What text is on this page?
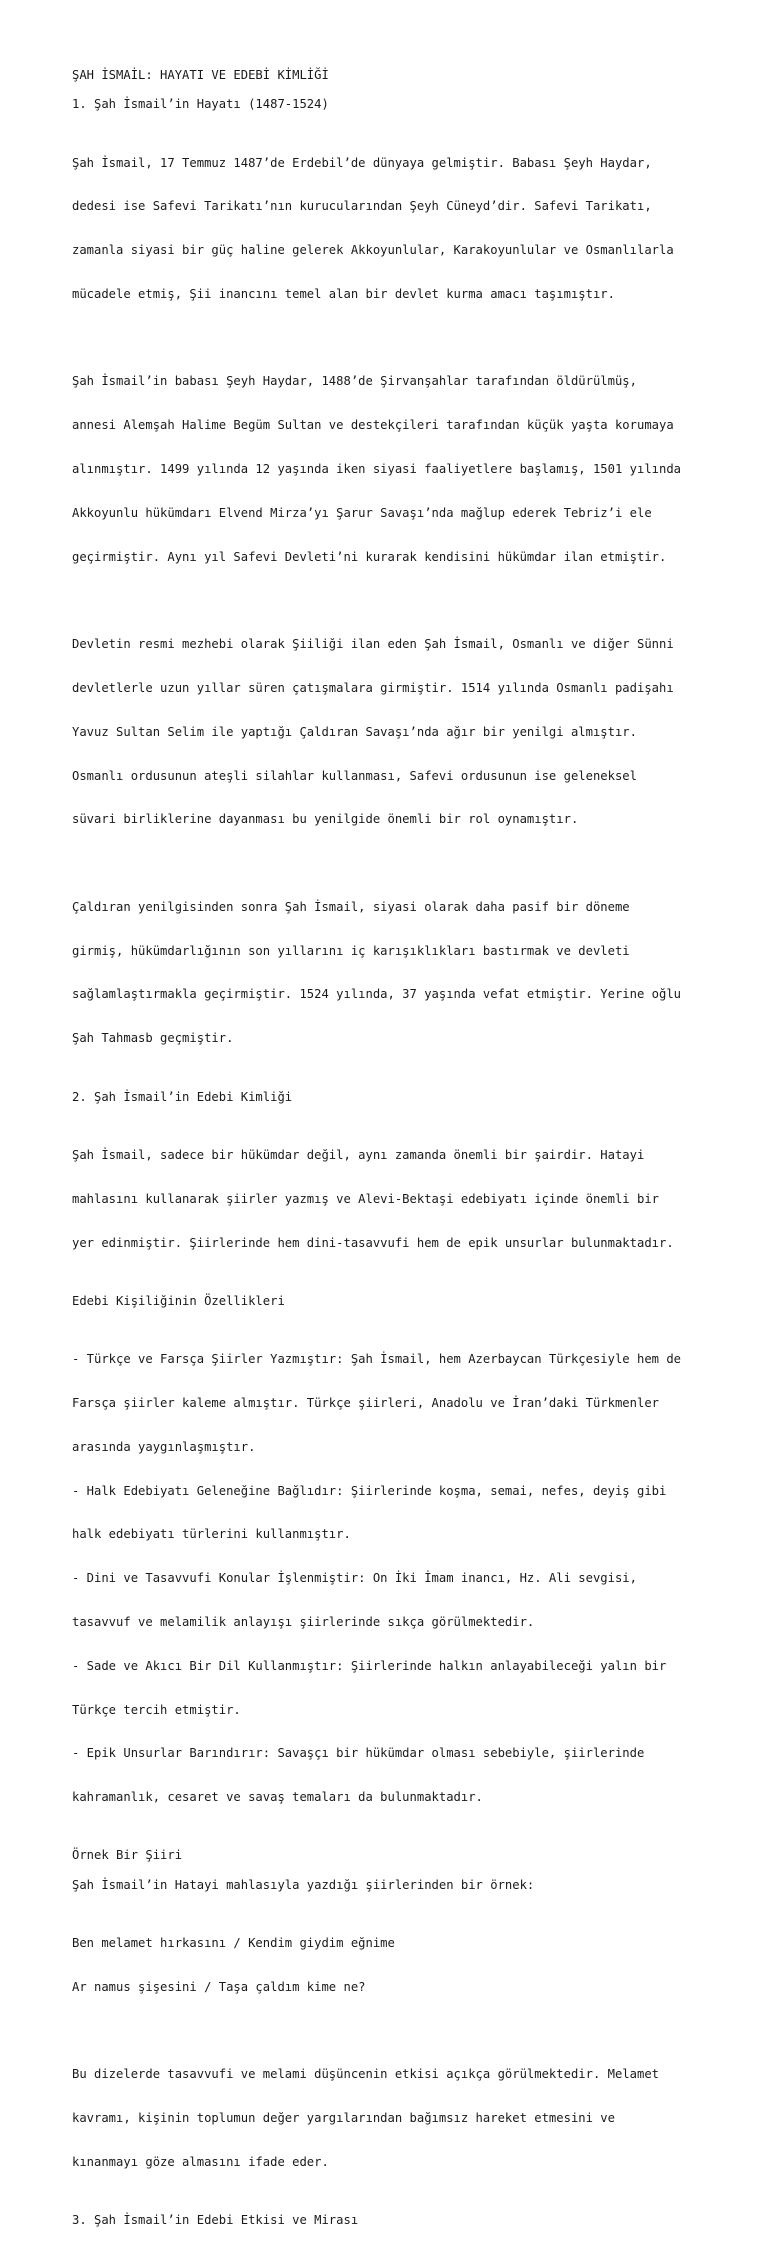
ŞAH İSMAİL: HAYATI VE EDEBİ KİMLİĞİ

1. Şah İsmail’in Hayatı (1487-1524)

Şah İsmail, 17 Temmuz 1487’de Erdebil’de dünyaya gelmiştir. Babası Şeyh Haydar,

dedesi ise Safevi Tarikatı’nın kurucularından Şeyh Cüneyd’dir. Safevi Tarikatı,

zamanla siyasi bir güç haline gelerek Akkoyunlular, Karakoyunlular ve Osmanlılarla

mücadele etmiş, Şii inancını temel alan bir devlet kurma amacı taşımıştır.

Şah İsmail’in babası Şeyh Haydar, 1488’de Şirvanşahlar tarafından öldürülmüş,

annesi Alemşah Halime Begüm Sultan ve destekçileri tarafından küçük yaşta korumaya

alınmıştır. 1499 yılında 12 yaşında iken siyasi faaliyetlere başlamış, 1501 yılında

Akkoyunlu hükümdarı Elvend Mirza’yı Şarur Savaşı’nda mağlup ederek Tebriz’i ele

geçirmiştir. Aynı yıl Safevi Devleti’ni kurarak kendisini hükümdar ilan etmiştir.

Devletin resmi mezhebi olarak Şiiliği ilan eden Şah İsmail, Osmanlı ve diğer Sünni

devletlerle uzun yıllar süren çatışmalara girmiştir. 1514 yılında Osmanlı padişahı

Yavuz Sultan Selim ile yaptığı Çaldıran Savaşı’nda ağır bir yenilgi almıştır.

Osmanlı ordusunun ateşli silahlar kullanması, Safevi ordusunun ise geleneksel

süvari birliklerine dayanması bu yenilgide önemli bir rol oynamıştır.

Çaldıran yenilgisinden sonra Şah İsmail, siyasi olarak daha pasif bir döneme

girmiş, hükümdarlığının son yıllarını iç karışıklıkları bastırmak ve devleti

sağlamlaştırmakla geçirmiştir. 1524 yılında, 37 yaşında vefat etmiştir. Yerine oğlu

Şah Tahmasb geçmiştir.

2. Şah İsmail’in Edebi Kimliği

Şah İsmail, sadece bir hükümdar değil, aynı zamanda önemli bir şairdir. Hatayi

mahlasını kullanarak şiirler yazmış ve Alevi-Bektaşi edebiyatı içinde önemli bir

yer edinmiştir. Şiirlerinde hem dini-tasavvufi hem de epik unsurlar bulunmaktadır.

Edebi Kişiliğinin Özellikleri

- Türkçe ve Farsça Şiirler Yazmıştır: Şah İsmail, hem Azerbaycan Türkçesiyle hem de

Farsça şiirler kaleme almıştır. Türkçe şiirleri, Anadolu ve İran’daki Türkmenler

arasında yaygınlaşmıştır.

- Halk Edebiyatı Geleneğine Bağlıdır: Şiirlerinde koşma, semai, nefes, deyiş gibi

halk edebiyatı türlerini kullanmıştır.

- Dini ve Tasavvufi Konular İşlenmiştir: On İki İmam inancı, Hz. Ali sevgisi,

tasavvuf ve melamilik anlayışı şiirlerinde sıkça görülmektedir.

- Sade ve Akıcı Bir Dil Kullanmıştır: Şiirlerinde halkın anlayabileceği yalın bir

Türkçe tercih etmiştir.

- Epik Unsurlar Barındırır: Savaşçı bir hükümdar olması sebebiyle, şiirlerinde

kahramanlık, cesaret ve savaş temaları da bulunmaktadır.

Örnek Bir Şiiri

Şah İsmail’in Hatayi mahlasıyla yazdığı şiirlerinden bir örnek:

Ben melamet hırkasını / Kendim giydim eğnime

Ar namus şişesini / Taşa çaldım kime ne?

Bu dizelerde tasavvufi ve melami düşüncenin etkisi açıkça görülmektedir. Melamet

kavramı, kişinin toplumun değer yargılarından bağımsız hareket etmesini ve

kınanmayı göze almasını ifade eder.

3. Şah İsmail’in Edebi Etkisi ve Mirası
